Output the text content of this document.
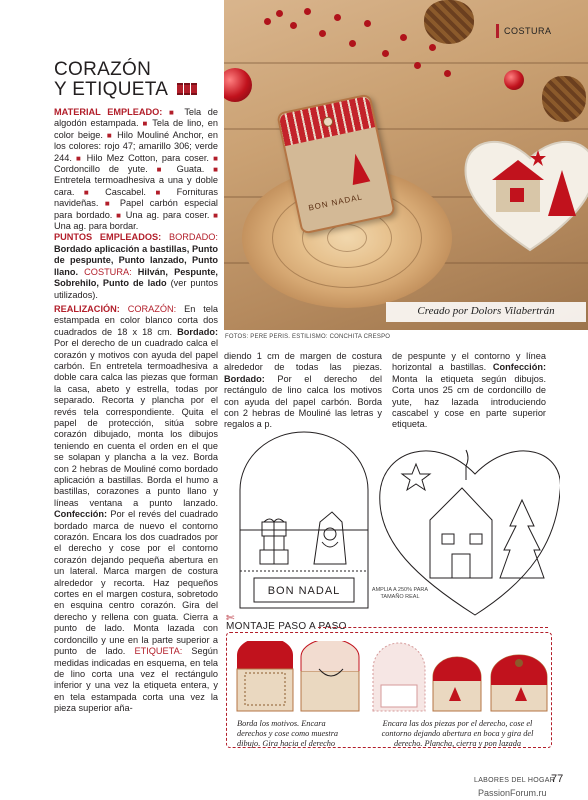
BON NADAL
Creado por Dolors Vilabertrán
COSTURA
CORAZÓN
Y ETIQUETA

MATERIAL EMPLEADO: ■ Tela de algodón estampada. ■ Tela de lino, en color beige. ■ Hilo Mouliné Anchor, en los colores: rojo 47; amarillo 306; verde 244. ■ Hilo Mez Cotton, para coser. ■ Cordoncillo de yute. ■ Guata. ■ Entretela termoadhesiva a una y doble cara. ■ Cascabel. ■ Fornituras navideñas. ■ Papel carbón especial para bordado. ■ Una ag. para coser. ■ Una ag. para bordar.

PUNTOS EMPLEADOS: BORDADO: Bordado aplicación a bastillas, Punto de pespunte, Punto lanzado, Punto llano. COSTURA: Hilván, Pespunte, Sobrehilo, Punto de lado (ver puntos utilizados).

REALIZACIÓN: CORAZÓN: En tela estampada en color blanco corta dos cuadrados de 18 x 18 cm. Bordado: Por el derecho de un cuadrado calca el corazón y motivos con ayuda del papel carbón. En entretela termoadhesiva a doble cara calca las piezas que forman la casa, abeto y estrella, todas por separado. Recorta y plancha por el revés tela correspondiente. Quita el papel de protección, sitúa sobre corazón dibujado, monta los dibujos teniendo en cuenta el orden en el que se solapan y plancha a la vez. Borda con 2 hebras de Mouliné como bordado aplicación a bastillas. Borda el humo a bastillas, corazones a punto llano y líneas ventana a punto lanzado. Confección: Por el revés del cuadrado bordado marca de nuevo el contorno corazón. Encara los dos cuadrados por el derecho y cose por el contorno corazón dejando pequeña abertura en un lateral. Marca margen de costura alrededor y recorta. Haz pequeños cortes en el margen costura, sobretodo en esquina centro corazón. Gira del derecho y rellena con guata. Cierra a punto de lado. Monta lazada con cordoncillo y une en la parte superior a punto de lado. ETIQUETA: Según medidas indicadas en esquema, en tela de lino corta una vez el rectángulo inferior y una vez la etiqueta entera, y en tela estampada corta una vez la pieza superior aña-

FOTOS: PERE PERIS. ESTILISMO: CONCHITA CRESPO

diendo 1 cm de margen de costura alrededor de todas las piezas. Bordado: Por el derecho del rectángulo de lino calca los motivos con ayuda del papel carbón. Borda con 2 hebras de Mouliné las letras y regalos a p.

de pespunte y el contorno y línea horizontal a bastillas. Confección: Monta la etiqueta según dibujos. Corta unos 25 cm de cordoncillo de yute, haz lazada introduciendo cascabel y cose en parte superior etiqueta.

BON NADAL	AMPLIA A 250% PARA TAMAÑO REAL
✄
MONTAJE PASO A PASO
Borda los motivos. Encara derechos y cose como muestra dibujo. Gira hacia el derecho
Encara las dos piezas por el derecho, cose el contorno dejando abertura en boca y gira del derecho. Plancha, cierra y pon lazada
LABORES DEL HOGAR
77
PassionForum.ru
